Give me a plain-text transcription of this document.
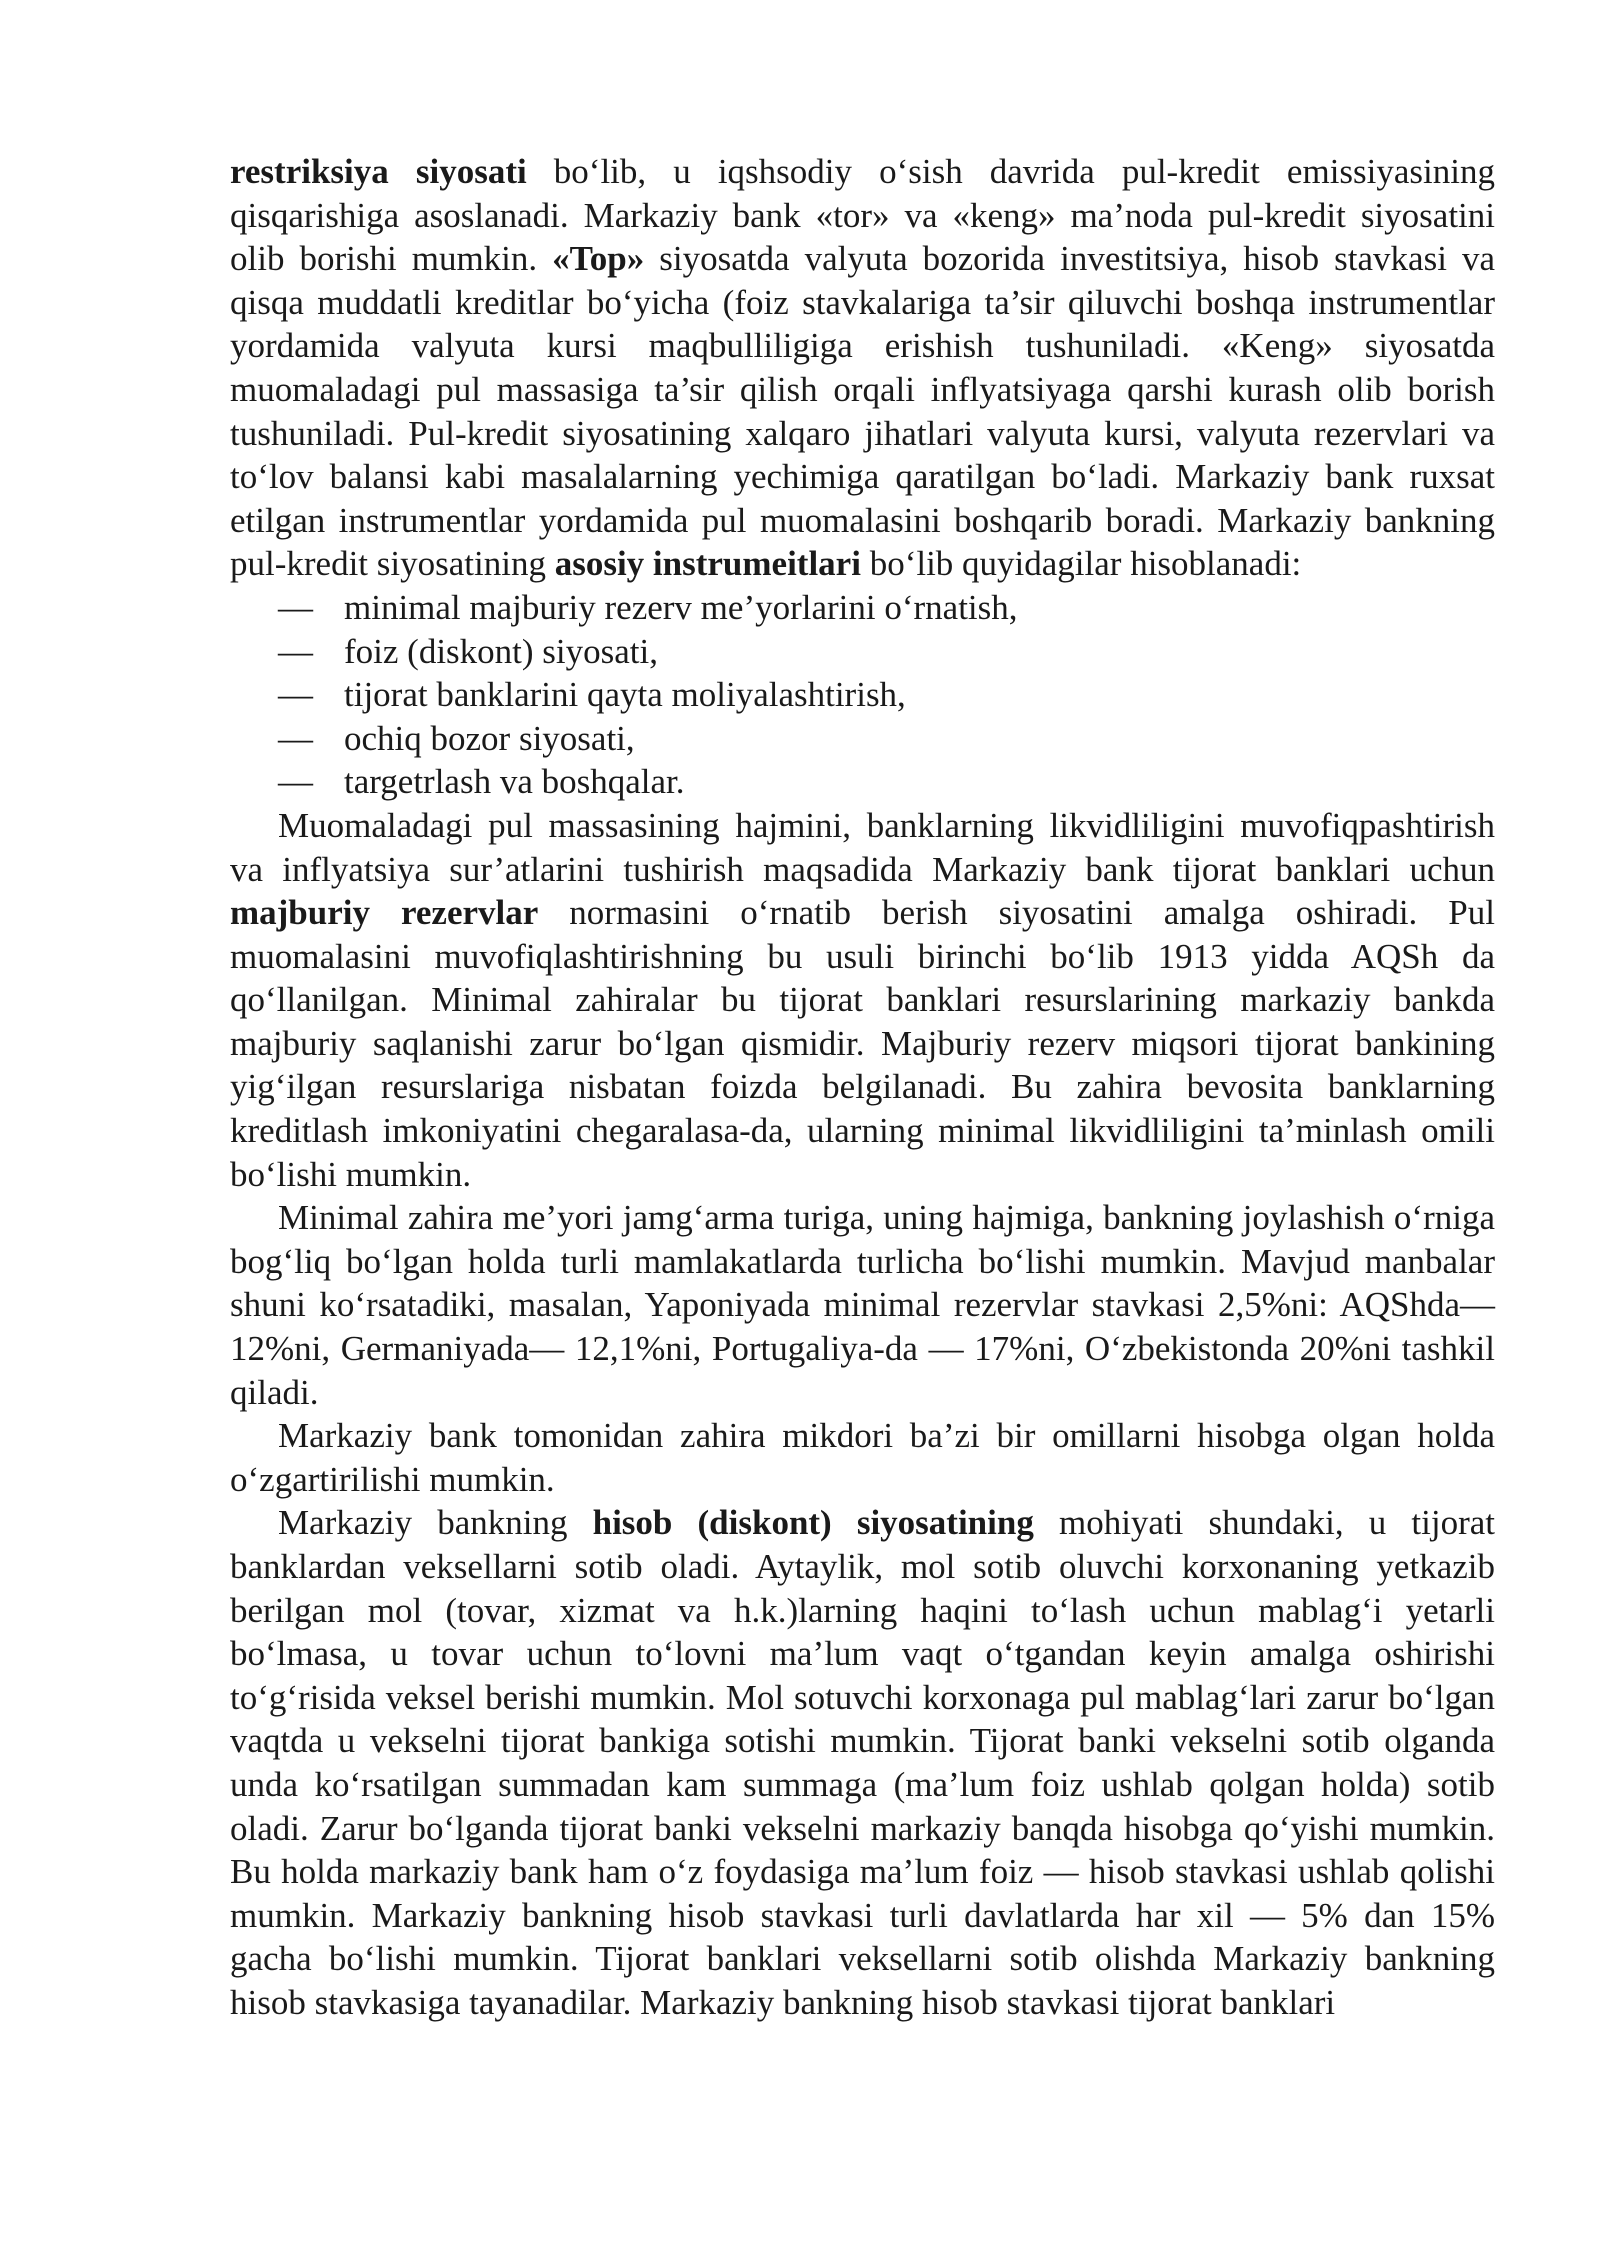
restriksiya siyosati bo‘lib, u iqshsodiy o‘sish davrida pul-kredit emissiyasining qisqarishiga asoslanadi. Markaziy bank «tor» va «keng» ma’noda pul-kredit siyosatini olib borishi mumkin. «Top» siyosatda valyuta bozorida investitsiya, hisob stavkasi va qisqa muddatli kreditlar bo‘yicha (foiz stavkalariga ta’sir qiluvchi boshqa instrumentlar yordamida valyuta kursi maqbulliligiga erishish tushuniladi. «Keng» siyosatda muomaladagi pul massasiga ta’sir qilish orqali inflyatsiyaga qarshi kurash olib borish tushuniladi. Pul-kredit siyosatining xalqaro jihatlari valyuta kursi, valyuta rezervlari va to‘lov balansi kabi masalalarning yechimiga qaratilgan bo‘ladi. Markaziy bank ruxsat etilgan instrumentlar yordamida pul muomalasini boshqarib boradi. Markaziy bankning pul-kredit siyosatining asosiy instrumeitlari bo‘lib quyidagilar hisoblanadi:

— minimal majburiy rezerv me’yorlarini o‘rnatish,
— foiz (diskont) siyosati,
— tijorat banklarini qayta moliyalashtirish,
— ochiq bozor siyosati,
— targetrlash va boshqalar.

Muomaladagi pul massasining hajmini, banklarning likvidliligini muvofiqpashtirish va inflyatsiya sur’atlarini tushirish maqsadida Markaziy bank tijorat banklari uchun majburiy rezervlar normasini o‘rnatib berish siyosatini amalga oshiradi. Pul muomalasini muvofiqlashtirishning bu usuli birinchi bo‘lib 1913 yidda AQSh da qo‘llanilgan. Minimal zahiralar bu tijorat banklari resurslarining markaziy bankda majburiy saqlanishi zarur bo‘lgan qismidir. Majburiy rezerv miqsori tijorat bankining yig‘ilgan resurslariga nisbatan foizda belgilanadi. Bu zahira bevosita banklarning kreditlash imkoniyatini chegaralasa-da, ularning minimal likvidliligini ta’minlash omili bo‘lishi mumkin.

Minimal zahira me’yori jamg‘arma turiga, uning hajmiga, bankning joylashish o‘rniga bog‘liq bo‘lgan holda turli mamlakatlarda turlicha bo‘lishi mumkin. Mavjud manbalar shuni ko‘rsatadiki, masalan, Yaponiyada minimal rezervlar stavkasi 2,5%ni: AQShda— 12%ni, Germaniyada— 12,1%ni, Portugaliya-da — 17%ni, O‘zbekistonda 20%ni tashkil qiladi.

Markaziy bank tomonidan zahira mikdori ba’zi bir omillarni hisobga olgan holda o‘zgartirilishi mumkin.

Markaziy bankning hisob (diskont) siyosatining mohiyati shundaki, u tijorat banklardan veksellarni sotib oladi. Aytaylik, mol sotib oluvchi korxonaning yetkazib berilgan mol (tovar, xizmat va h.k.)larning haqini to‘lash uchun mablag‘i yetarli bo‘lmasa, u tovar uchun to‘lovni ma’lum vaqt o‘tgandan keyin amalga oshirishi to‘g‘risida veksel berishi mumkin. Mol sotuvchi korxonaga pul mablag‘lari zarur bo‘lgan vaqtda u vekselni tijorat bankiga sotishi mumkin. Tijorat banki vekselni sotib olganda unda ko‘rsatilgan summadan kam summaga (ma’lum foiz ushlab qolgan holda) sotib oladi. Zarur bo‘lganda tijorat banki vekselni markaziy banqda hisobga qo‘yishi mumkin. Bu holda markaziy bank ham o‘z foydasiga ma’lum foiz — hisob stavkasi ushlab qolishi mumkin. Markaziy bankning hisob stavkasi turli davlatlarda har xil — 5% dan 15% gacha bo‘lishi mumkin. Tijorat banklari veksellarni sotib olishda Markaziy bankning hisob stavkasiga tayanadilar. Markaziy bankning hisob stavkasi tijorat banklari
